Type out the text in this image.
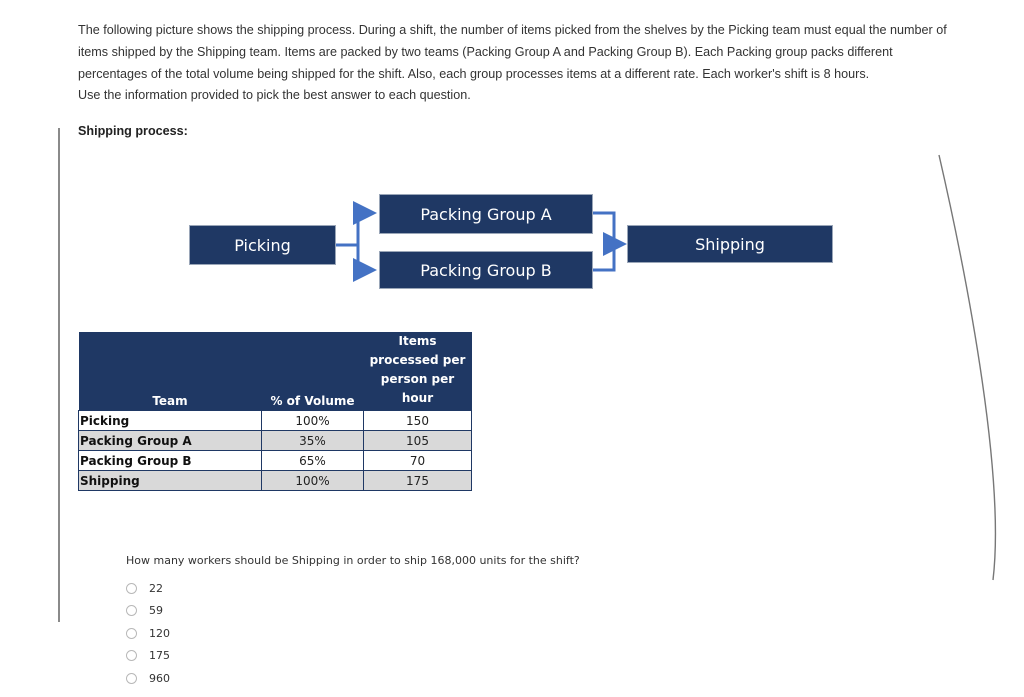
The following picture shows the shipping process. During a shift, the number of items picked from the shelves by the Picking team must equal the number of items shipped by the Shipping team. Items are packed by two teams (Packing Group A and Packing Group B). Each Packing group packs different percentages of the total volume being shipped for the shift. Also, each group processes items at a different rate. Each worker's shift is 8 hours.
Use the information provided to pick the best answer to each question.
Shipping process:
Picking
Packing Group A
Packing Group B
Shipping
Team	% of Volume	Items processed per person per hour
Picking	100%	150
Packing Group A	35%	105
Packing Group B	65%	70
Shipping	100%	175
How many workers should be Shipping in order to ship 168,000 units for the shift?
22
59
120
175
960
